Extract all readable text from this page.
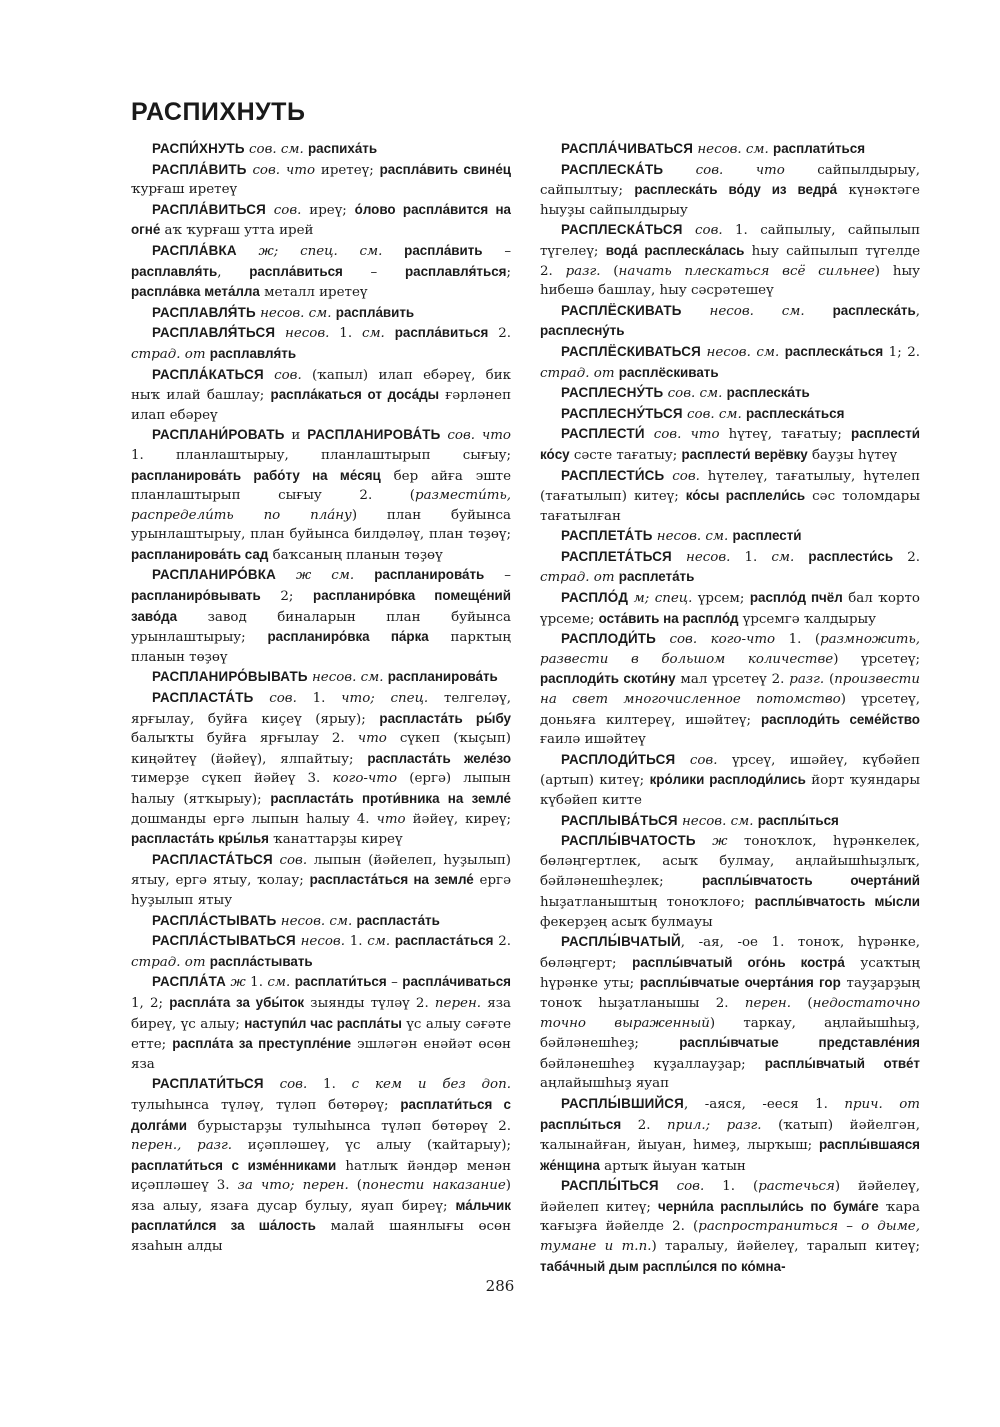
РАСПИХНУТЬ

РАСПИ́ХНУТЬ сов. см. распиха́ть

РАСПЛА́ВИТЬ сов. что иретеү; распла́вить свине́ц ҡурғаш иретеү

РАСПЛА́ВИТЬСЯ сов. иреү; о́лово распла́вится на огне́ аҡ ҡурғаш утта ирей

РАСПЛА́ВКА ж; спец. см. распла́вить – расплавля́ть, распла́виться – расплавля́ться; распла́вка мета́лла металл иретеү

РАСПЛАВЛЯ́ТЬ несов. см. распла́вить

РАСПЛАВЛЯ́ТЬСЯ несов. 1. см. распла́виться 2. страд. от расплавля́ть

РАСПЛА́КАТЬСЯ сов. (ҡапыл) илап ебәреү, бик ныҡ илай башлау; распла́каться от доса́ды ғәрләнеп илап ебәреү

РАСПЛАНИ́РОВАТЬ и РАСПЛАНИРОВА́ТЬ сов. что 1. планлаштырыу, планлаштырып сығыу; распланирова́ть рабо́ту на ме́сяц бер айға эште планлаштырып сығыу 2. (размести́ть, распредели́ть по пла́ну) план буйынса урынлаштырыу, план буйынса билдәләү, план төҙөү; распланирова́ть сад баҡсаның планын төҙөү

РАСПЛАНИРО́ВКА ж см. распланирова́ть – распланиро́вывать 2; распланиро́вка помеще́ний заво́да завод биналарын план буйынса урынлаштырыу; распланиро́вка па́рка парктың планын төҙөү

РАСПЛАНИРО́ВЫВАТЬ несов. см. распланирова́ть

РАСПЛАСТА́ТЬ сов. 1. что; спец. телгеләү, ярғылау, буйға киҫеү (ярыу); распласта́ть ры́бу балыҡты буйға ярғылау 2. что сүкеп (ҡыҫып) киңәйтеү (йәйеү), ялпайтыу; распласта́ть желе́зо тимерҙе сүкеп йәйеү 3. кого-что (ергә) лыпын һалыу (ятҡырыу); распласта́ть проти́вника на земле́ дошманды ергә лыпын һалыу 4. что йәйеү, киреү; распласта́ть кры́лья ҡанаттарҙы киреү

РАСПЛАСТА́ТЬСЯ сов. лыпын (йәйелеп, һуҙылып) ятыу, ергә ятыу, ҡолау; распласта́ться на земле́ ергә һуҙылып ятыу

РАСПЛА́СТЫВАТЬ несов. см. распласта́ть

РАСПЛА́СТЫВАТЬСЯ несов. 1. см. распласта́ться 2. страд. от распла́стывать

РАСПЛА́ТА ж 1. см. расплати́ться – распла́чиваться 1, 2; распла́та за убы́ток зыянды түләү 2. перен. яза биреү, үс алыу; наступи́л час распла́ты үс алыу сәғәте етте; распла́та за преступле́ние эшләгән енәйәт өсөн яза

РАСПЛАТИ́ТЬСЯ сов. 1. с кем и без доп. тулыһынса түләү, түләп бөтөрөү; расплати́ться с долга́ми бурыстарҙы тулыһынса түләп бөтөрөү 2. перен., разг. иҫәпләшеү, үс алыу (ҡайтарыу); расплати́ться с изме́нниками һатлыҡ йәндәр менән иҫәпләшеү 3. за что; перен. (понести наказание) яза алыу, язаға дусар булыу, яуап биреү; ма́льчик расплати́лся за ша́лость малай шаянлығы өсөн язаһын алды

РАСПЛА́ЧИВАТЬСЯ несов. см. расплати́ться

РАСПЛЕСКА́ТЬ сов. что сайпылдырыу, сайпылтыу; расплеска́ть во́ду из ведра́ күнәктәге һыуҙы сайпылдырыу

РАСПЛЕСКА́ТЬСЯ сов. 1. сайпылыу, сайпылып түгелеү; вода́ расплеска́лась һыу сайпылып түгелде 2. разг. (начать плескаться всё сильнее) һыу һибешә башлау, һыу сәсрәтешеү

РАСПЛЁСКИВАТЬ несов. см. расплеска́ть, расплесну́ть

РАСПЛЁСКИВАТЬСЯ несов. см. расплеска́ться 1; 2. страд. от расплёскивать

РАСПЛЕСНУ́ТЬ сов. см. расплеска́ть

РАСПЛЕСНУ́ТЬСЯ сов. см. расплеска́ться

РАСПЛЕСТИ́ сов. что һүтеү, тағатыу; расплести́ ко́су сәсте тағатыу; расплести́ верёвку бауҙы һүтеү

РАСПЛЕСТИ́СЬ сов. һүтелеү, тағатылыу, һүтелеп (тағатылып) китеү; ко́сы расплели́сь сәс толомдары тағатылған

РАСПЛЕТА́ТЬ несов. см. расплести́

РАСПЛЕТА́ТЬСЯ несов. 1. см. расплести́сь 2. страд. от расплета́ть

РАСПЛО́Д м; спец. үрсем; распло́д пчёл бал ҡорто үрсеме; оста́вить на распло́д үрсемгә ҡалдырыу

РАСПЛОДИ́ТЬ сов. кого-что 1. (размножить, развести в большом количестве) үрсетеү; расплоди́ть скоти́ну мал үрсетеү 2. разг. (произвести на свет многочисленное потомство) үрсетеү, доньяға килтереү, ишәйтеү; расплоди́ть семе́йство ғаилә ишәйтеү

РАСПЛОДИ́ТЬСЯ сов. үрсеү, ишәйеү, күбәйеп (артып) китеү; кро́лики расплоди́лись йорт ҡуяндары күбәйеп китте

РАСПЛЫВА́ТЬСЯ несов. см. расплы́ться

РАСПЛЫ́ВЧАТОСТЬ ж тоноҡлоҡ, һүрәнкелек, бөләңгертлек, асыҡ булмау, аңлайышһыҙлыҡ, бәйләнешһеҙлек; расплы́вчатость очерта́ний һыҙатланыштың тоноҡлоғо; расплы́вчатость мы́сли фекерҙең асыҡ булмауы

РАСПЛЫ́ВЧАТЫЙ, -ая, -ое 1. тоноҡ, һүрәнке, бөләңгерт; расплы́вчатый ого́нь костра́ усаҡтың һүрәнке уты; расплы́вчатые очерта́ния гор тауҙарҙың тоноҡ һыҙатланышы 2. перен. (недостаточно точно выраженный) таркау, аңлайышһыҙ, бәйләнешһеҙ; расплы́вчатые представле́ния бәйләнешһеҙ күҙаллауҙар; расплы́вчатый отве́т аңлайышһыҙ яуап

РАСПЛЫ́ВШИЙСЯ, -аяся, -ееся 1. прич. от расплы́ться 2. прил.; разг. (ҡатып) йәйелгән, ҡалынайған, йыуан, һимеҙ, лырҡыш; расплы́вшаяся же́нщина артыҡ йыуан ҡатын

РАСПЛЫ́ТЬСЯ сов. 1. (растечься) йәйелеү, йәйелеп китеү; черни́ла расплыли́сь по бума́ге ҡара ҡағыҙға йәйелде 2. (распространиться – о дыме, тумане и т.п.) таралыу, йәйелеү, таралып китеү; таба́чный дым расплы́лся по ко́мна-

286
